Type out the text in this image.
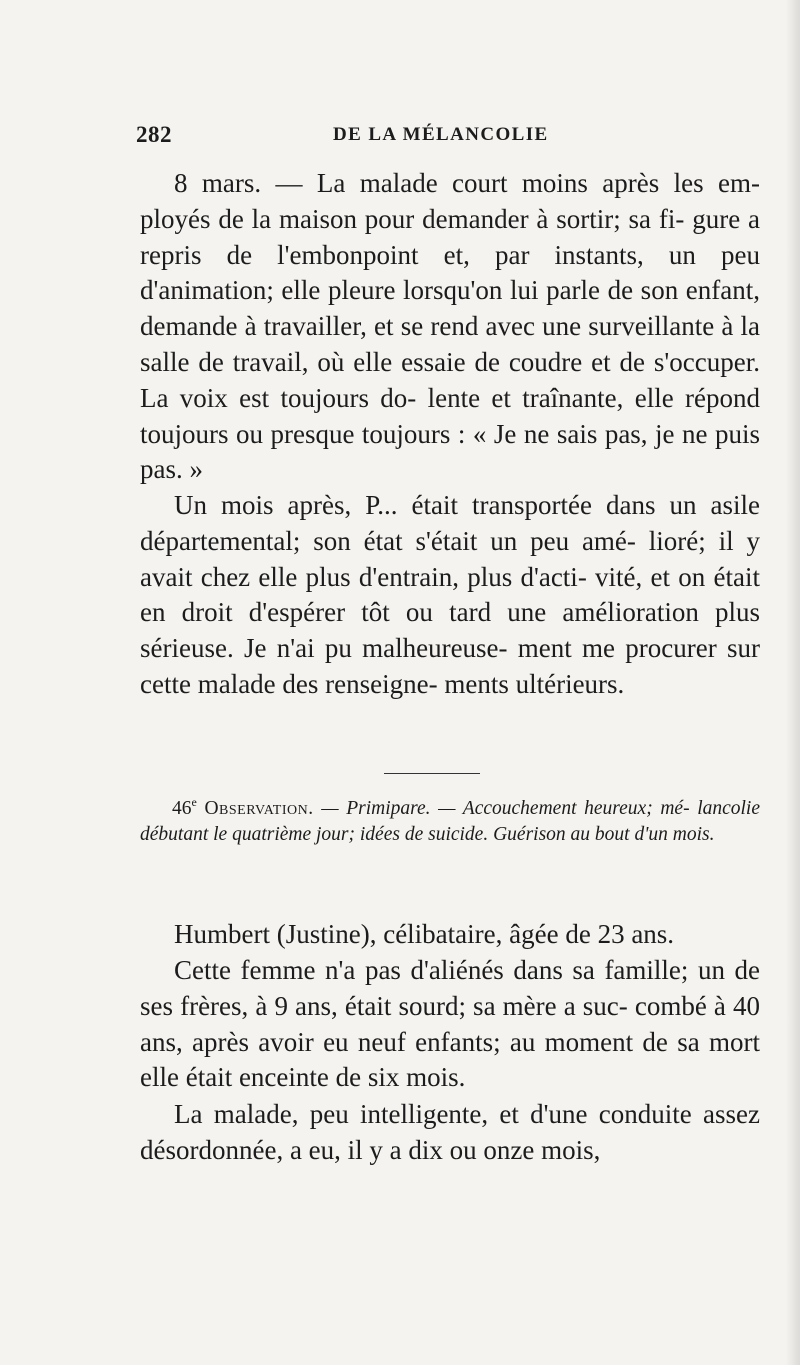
282	DE LA MÉLANCOLIE

8 mars. — La malade court moins après les em- ployés de la maison pour demander à sortir; sa fi- gure a repris de l'embonpoint et, par instants, un peu d'animation; elle pleure lorsqu'on lui parle de son enfant, demande à travailler, et se rend avec une surveillante à la salle de travail, où elle essaie de coudre et de s'occuper. La voix est toujours do- lente et traînante, elle répond toujours ou presque toujours : « Je ne sais pas, je ne puis pas. »

Un mois après, P... était transportée dans un asile départemental; son état s'était un peu amé- lioré; il y avait chez elle plus d'entrain, plus d'acti- vité, et on était en droit d'espérer tôt ou tard une amélioration plus sérieuse. Je n'ai pu malheureuse- ment me procurer sur cette malade des renseigne- ments ultérieurs.

46e Observation. — Primipare. — Accouchement heureux; mé- lancolie débutant le quatrième jour; idées de suicide. Guérison au bout d'un mois.

Humbert (Justine), célibataire, âgée de 23 ans.

Cette femme n'a pas d'aliénés dans sa famille; un de ses frères, à 9 ans, était sourd; sa mère a suc- combé à 40 ans, après avoir eu neuf enfants; au moment de sa mort elle était enceinte de six mois.

La malade, peu intelligente, et d'une conduite assez désordonnée, a eu, il y a dix ou onze mois,
